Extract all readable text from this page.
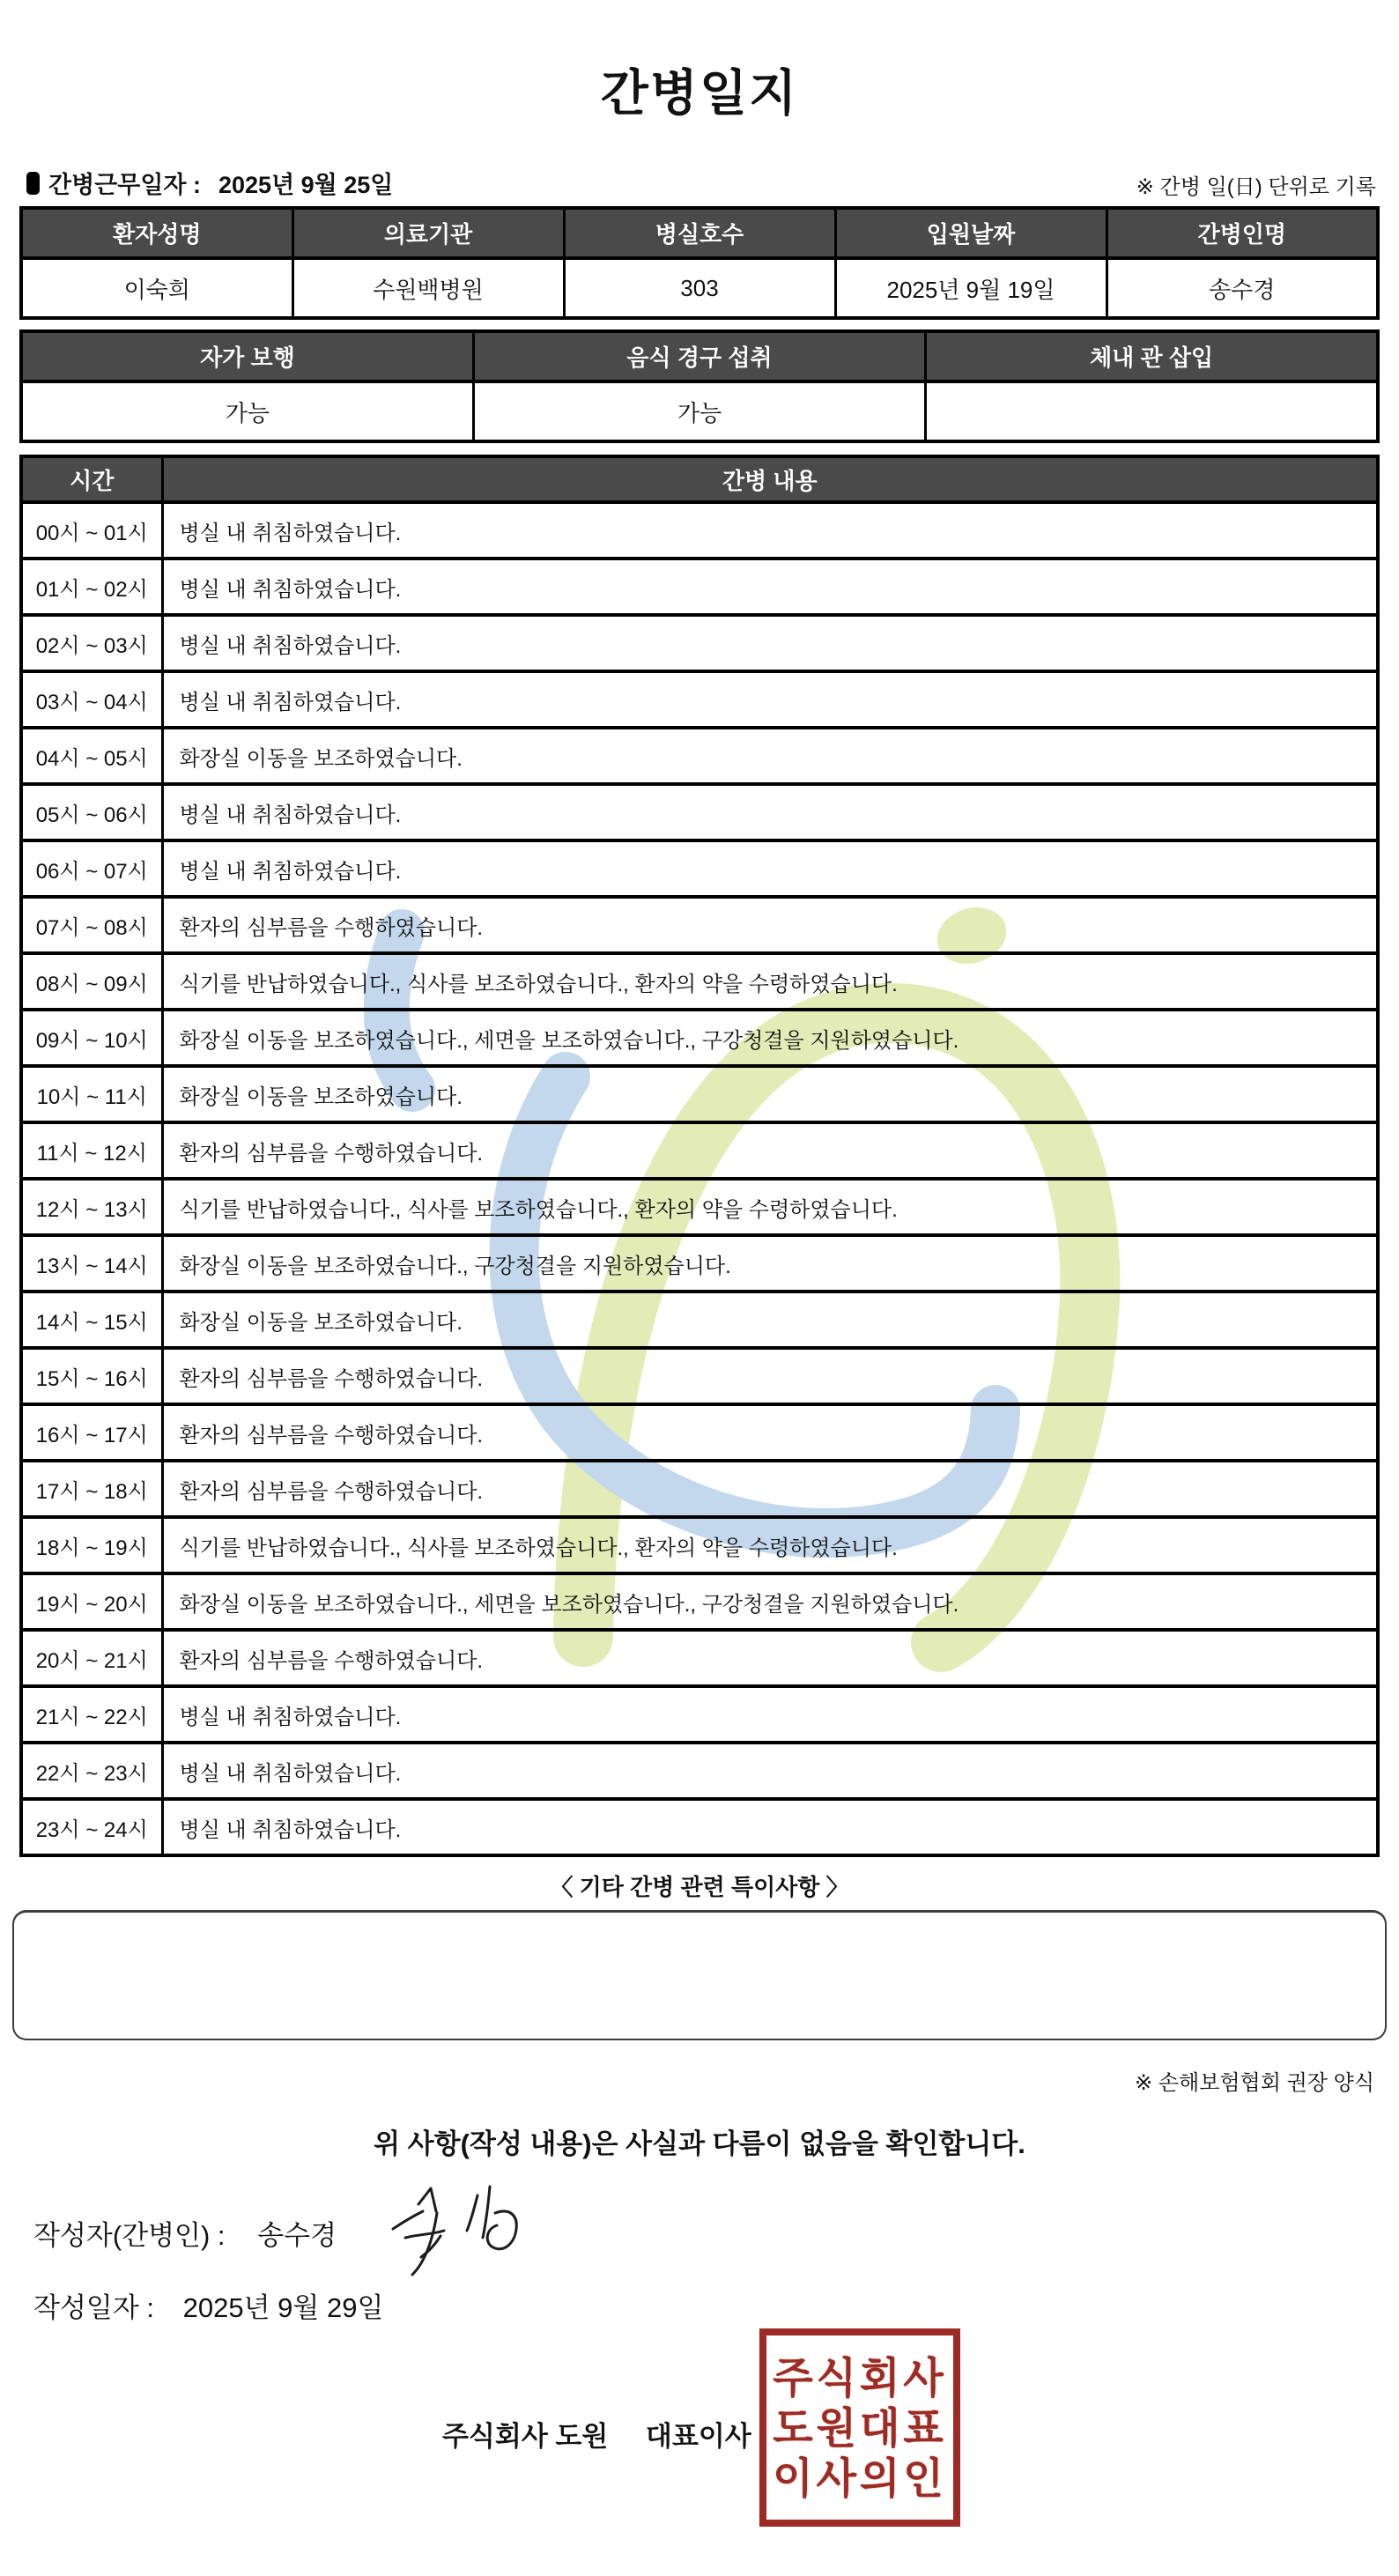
간병일지
간병근무일자 : 2025년 9월 25일	※ 간병 일(日) 단위로 기록
환자성명	의료기관	병실호수	입원날짜	간병인명
이숙희	수원백병원	303	2025년 9월 19일	송수경
자가 보행	음식 경구 섭취	체내 관 삽입
가능	가능	
시간	간병 내용
00시 ~ 01시	병실 내 취침하였습니다.
01시 ~ 02시	병실 내 취침하였습니다.
02시 ~ 03시	병실 내 취침하였습니다.
03시 ~ 04시	병실 내 취침하였습니다.
04시 ~ 05시	화장실 이동을 보조하였습니다.
05시 ~ 06시	병실 내 취침하였습니다.
06시 ~ 07시	병실 내 취침하였습니다.
07시 ~ 08시	환자의 심부름을 수행하였습니다.
08시 ~ 09시	식기를 반납하였습니다., 식사를 보조하였습니다., 환자의 약을 수령하였습니다.
09시 ~ 10시	화장실 이동을 보조하였습니다., 세면을 보조하였습니다., 구강청결을 지원하였습니다.
10시 ~ 11시	화장실 이동을 보조하였습니다.
11시 ~ 12시	환자의 심부름을 수행하였습니다.
12시 ~ 13시	식기를 반납하였습니다., 식사를 보조하였습니다., 환자의 약을 수령하였습니다.
13시 ~ 14시	화장실 이동을 보조하였습니다., 구강청결을 지원하였습니다.
14시 ~ 15시	화장실 이동을 보조하였습니다.
15시 ~ 16시	환자의 심부름을 수행하였습니다.
16시 ~ 17시	환자의 심부름을 수행하였습니다.
17시 ~ 18시	환자의 심부름을 수행하였습니다.
18시 ~ 19시	식기를 반납하였습니다., 식사를 보조하였습니다., 환자의 약을 수령하였습니다.
19시 ~ 20시	화장실 이동을 보조하였습니다., 세면을 보조하였습니다., 구강청결을 지원하였습니다.
20시 ~ 21시	환자의 심부름을 수행하였습니다.
21시 ~ 22시	병실 내 취침하였습니다.
22시 ~ 23시	병실 내 취침하였습니다.
23시 ~ 24시	병실 내 취침하였습니다.
〈 기타 간병 관련 특이사항 〉
※ 손해보험협회 권장 양식
위 사항(작성 내용)은 사실과 다름이 없음을 확인합니다.
작성자(간병인) : 송수경
작성일자 : 2025년 9월 29일
주식회사 도원 대표이사
주식회사
도원대표
이사의인
